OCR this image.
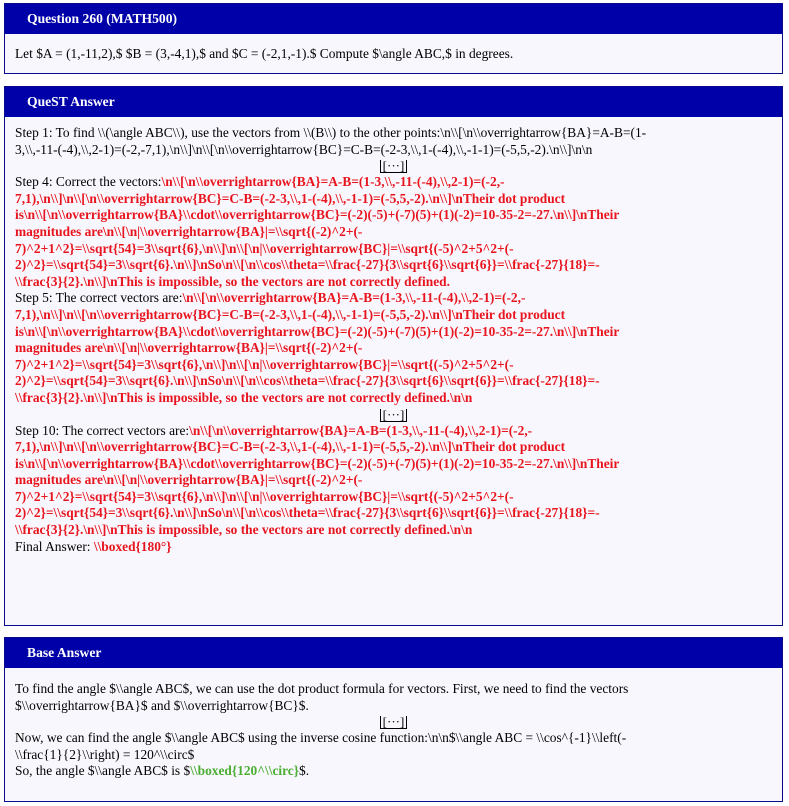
Question 260 (MATH500)
Let $A = (1,-11,2),$ $B = (3,-4,1),$ and $C = (-2,1,-1).$ Compute $\angle ABC,$ in degrees.
QueST Answer
Step 1: To find \\(\angle ABC\\), use the vectors from \\(B\\) to the other points:\n\\[\n\\overrightarrow{BA}=A-B=(1-
3,\\,-11-(-4),\\,2-1)=(-2,-7,1),\n\\]\n\\[\n\\overrightarrow{BC}=C-B=(-2-3,\\,1-(-4),\\,-1-1)=(-5,5,-2).\n\\]\n\n
[···]
Step 4: Correct the vectors:\n\\[\n\\overrightarrow{BA}=A-B=(1-3,\\,-11-(-4),\\,2-1)=(-2,-
7,1),\n\\]\n\\[\n\\overrightarrow{BC}=C-B=(-2-3,\\,1-(-4),\\,-1-1)=(-5,5,-2).\n\\]\nTheir dot product
is\n\\[\n\\overrightarrow{BA}\\cdot\\overrightarrow{BC}=(-2)(-5)+(-7)(5)+(1)(-2)=10-35-2=-27.\n\\]\nTheir
magnitudes are\n\\[\n|\\overrightarrow{BA}|=\\sqrt{(-2)^2+(-
7)^2+1^2}=\\sqrt{54}=3\\sqrt{6},\n\\]\n\\[\n|\\overrightarrow{BC}|=\\sqrt{(-5)^2+5^2+(-
2)^2}=\\sqrt{54}=3\\sqrt{6}.\n\\]\nSo\n\\[\n\\cos\\theta=\\frac{-27}{3\\sqrt{6}\\sqrt{6}}=\\frac{-27}{18}=-
\\frac{3}{2}.\n\\]\nThis is impossible, so the vectors are not correctly defined.
Step 5: The correct vectors are:\n\\[\n\\overrightarrow{BA}=A-B=(1-3,\\,-11-(-4),\\,2-1)=(-2,-
7,1),\n\\]\n\\[\n\\overrightarrow{BC}=C-B=(-2-3,\\,1-(-4),\\,-1-1)=(-5,5,-2).\n\\]\nTheir dot product
is\n\\[\n\\overrightarrow{BA}\\cdot\\overrightarrow{BC}=(-2)(-5)+(-7)(5)+(1)(-2)=10-35-2=-27.\n\\]\nTheir
magnitudes are\n\\[\n|\\overrightarrow{BA}|=\\sqrt{(-2)^2+(-
7)^2+1^2}=\\sqrt{54}=3\\sqrt{6},\n\\]\n\\[\n|\\overrightarrow{BC}|=\\sqrt{(-5)^2+5^2+(-
2)^2}=\\sqrt{54}=3\\sqrt{6}.\n\\]\nSo\n\\[\n\\cos\\theta=\\frac{-27}{3\\sqrt{6}\\sqrt{6}}=\\frac{-27}{18}=-
\\frac{3}{2}.\n\\]\nThis is impossible, so the vectors are not correctly defined.\n\n
[···]
Step 10: The correct vectors are:\n\\[\n\\overrightarrow{BA}=A-B=(1-3,\\,-11-(-4),\\,2-1)=(-2,-
7,1),\n\\]\n\\[\n\\overrightarrow{BC}=C-B=(-2-3,\\,1-(-4),\\,-1-1)=(-5,5,-2).\n\\]\nTheir dot product
is\n\\[\n\\overrightarrow{BA}\\cdot\\overrightarrow{BC}=(-2)(-5)+(-7)(5)+(1)(-2)=10-35-2=-27.\n\\]\nTheir
magnitudes are\n\\[\n|\\overrightarrow{BA}|=\\sqrt{(-2)^2+(-
7)^2+1^2}=\\sqrt{54}=3\\sqrt{6},\n\\]\n\\[\n|\\overrightarrow{BC}|=\\sqrt{(-5)^2+5^2+(-
2)^2}=\\sqrt{54}=3\\sqrt{6}.\n\\]\nSo\n\\[\n\\cos\\theta=\\frac{-27}{3\\sqrt{6}\\sqrt{6}}=\\frac{-27}{18}=-
\\frac{3}{2}.\n\\]\nThis is impossible, so the vectors are not correctly defined.\n\n
Final Answer: \\boxed{180°}
Base Answer
To find the angle $\\angle ABC$, we can use the dot product formula for vectors. First, we need to find the vectors
$\\overrightarrow{BA}$ and $\\overrightarrow{BC}$.
[···]
Now, we can find the angle $\\angle ABC$ using the inverse cosine function:\n\n$\\angle ABC = \\cos^{-1}\\left(-
\\frac{1}{2}\\right) = 120^\\circ$
So, the angle $\\angle ABC$ is $\\boxed{120^\\circ}$.
